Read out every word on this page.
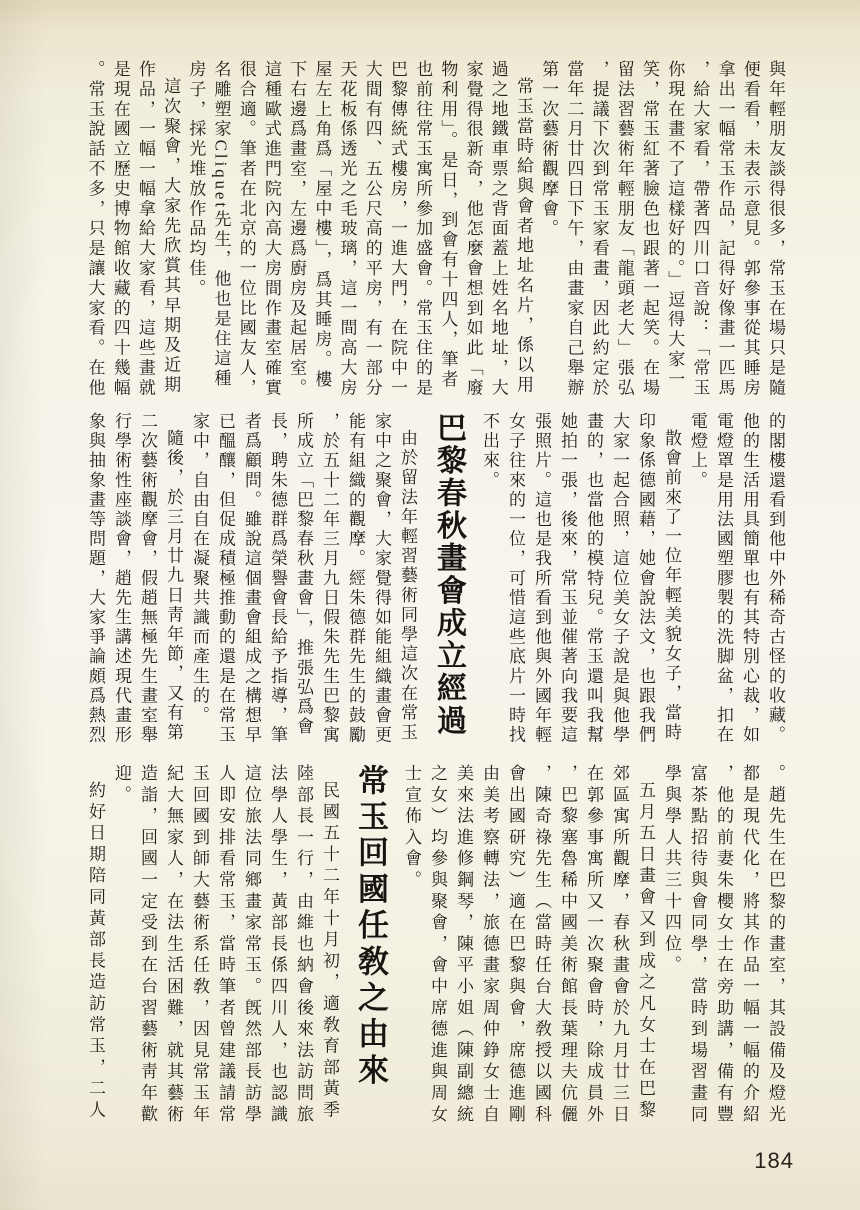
與年輕朋友談得很多，常玉在場只是隨便看看，未表示意見。郭參事從其睡房拿出一幅常玉作品，記得好像畫一匹馬，給大家看，帶著四川口音說：「常玉你現在畫不了這樣好的。」逗得大家一笑，常玉紅著臉色也跟著一起笑。在場留法習藝術年輕朋友「龍頭老大」張弘，提議下次到常玉家看畫，因此約定於當年二月廿四日下午，由畫家自己舉辦第一次藝術觀摩會。

常玉當時給與會者地址名片，係以用過之地鐵車票之背面蓋上姓名地址，大家覺得很新奇，他怎麼會想到如此「廢物利用」。是日，到會有十四人，筆者也前往常玉寓所參加盛會。常玉住的是巴黎傳統式樓房，一進大門，在院中一大間有四、五公尺高的平房，有一部分天花板係透光之毛玻璃，這一間高大房屋左上角爲「屋中樓」，爲其睡房。樓下右邊爲畫室，左邊爲廚房及起居室。這種歐式進門院內高大房間作畫室確實很合適。筆者在北京的一位比國友人，名雕塑家Cliquet先生，他也是住這種房子，採光堆放作品均佳。

這次聚會，大家先欣賞其早期及近期作品，一幅一幅拿給大家看，這些畫就是現在國立歷史博物館收藏的四十幾幅。常玉說話不多，只是讓大家看。在他

的閣樓還看到他中外稀奇古怪的收藏。他的生活用具簡單也有其特別心裁，如電燈罩是用法國塑膠製的洗脚盆，扣在電燈上。

散會前來了一位年輕美貌女子，當時印象係德國藉，她會說法文，也跟我們大家一起合照，這位美女子說是與他學畫的，也當他的模特兒。常玉還叫我幫她拍一張，後來，常玉並催著向我要這張照片。這也是我所看到他與外國年輕女子往來的一位，可惜這些底片一時找不出來。

巴黎春秋畫會成立經過

由於留法年輕習藝術同學這次在常玉家中之聚會，大家覺得如能組織畫會更能有組織的觀摩。經朱德群先生的鼓勵，於五十二年三月九日假朱先生巴黎寓所成立「巴黎春秋畫會」，推張弘爲會長，聘朱德群爲榮譽會長給予指導，筆者爲顧問。雖說這個畫會組成之構想早已醞釀，但促成積極推動的還是在常玉家中，自由自在凝聚共識而產生的。

隨後，於三月廿九日靑年節，又有第二次藝術觀摩會，假趙無極先生畫室舉行學術性座談會，趙先生講述現代畫形象與抽象畫等問題，大家爭論頗爲熱烈

。趙先生在巴黎的畫室，其設備及燈光都是現代化，將其作品一幅一幅的介紹，他的前妻朱櫻女士在旁助講，備有豐富茶點招待與會同學，當時到場習畫同學與學人共三十四位。

五月五日畫會又到成之凡女士在巴黎郊區寓所觀摩，春秋畫會於九月廿三日在郭參事寓所又一次聚會時，除成員外，巴黎塞魯稀中國美術館長葉理夫伉儷，陳奇祿先生（當時任台大敎授以國科會出國研究）適在巴黎與會，席德進剛由美考察轉法，旅德畫家周仲錚女士自美來法進修鋼琴，陳平小姐（陳副總統之女）均參與聚會，會中席德進與周女士宣佈入會。

常玉回國任敎之由來

民國五十二年十月初，適敎育部黃季陸部長一行，由維也納會後來法訪問旅法學人學生，黃部長係四川人，也認識這位旅法同鄉畫家常玉。旣然部長訪學人即安排看常玉，當時筆者曾建議請常玉回國到師大藝術系任敎，因見常玉年紀大無家人，在法生活困難，就其藝術造詣，回國一定受到在台習藝術靑年歡迎。

約好日期陪同黃部長造訪常玉，二人

184
